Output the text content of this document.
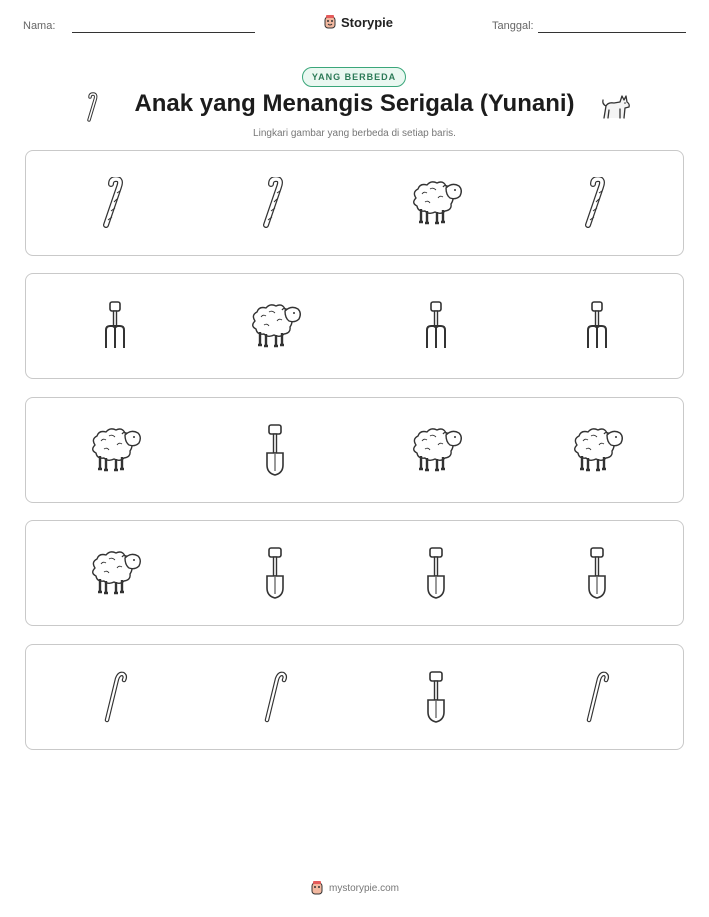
Nama:	Storypie	Tanggal:
YANG BERBEDA
Anak yang Menangis Serigala (Yunani)
Lingkari gambar yang berbeda di setiap baris.
mystorypie.com
